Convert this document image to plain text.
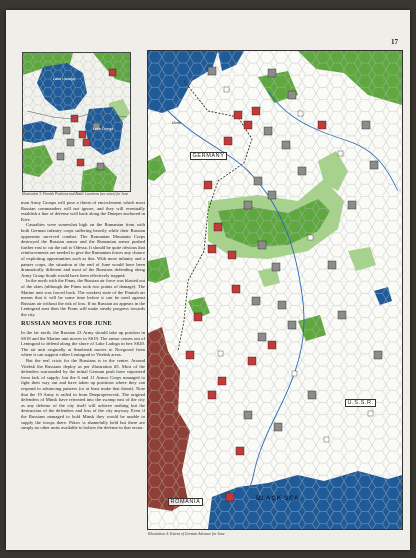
17
Lake Ladoga
Lake Onega
Illustration 3: Finnish Positions and Battle Locations (see notes) for June

man Army Groups will pose a threat of encirclement which most Russian commanders will not ignore, and they will eventually establish a line of defense well back along the Dnieper anchored in Kiev.

Casualties were somewhat high on the Rumanian front with both German infantry corps suffering heavily while their Russian opponents survived combat. The Romanian Mountain Corps destroyed the Russian armor and the Rumanian armor pushed further east to cut the rail to Odessa. It should be quite obvious that reinforcements are needed to give the Rumanian forces any chance of exploiting opportunities such as this. With more infantry and a panzer corps, the situation at the end of June would have been dramatically different and most of the Russians defending along Army Group South would have been effectively trapped.

In the north with the Finns, the Russian air force was blasted out of the skies (although the Finns took two points of damage). The Marine unit was forced back. The weakest state of the Finnish air means that it will be some time before it can be used against Russian air without the risk of loss. If no Russian air appears in the Leningrad area then the Finns will make steady progress towards the city.

RUSSIAN MOVES FOR JUNE

In the far north, the Russian 23 Army should take up position in SS18 and the Marine unit moves to SS19. The armor comes out of Leningrad to defend along the shore of Lake Ladoga in hex SS20. The air unit originally at Smolensk moves to Novgorod from where it can support either Leningrad or Vitebsk areas.

But the real crisis for the Russians is in the center. Around Vitebsk the Russians deploy as per illustration #5. Most of the defenders surrounded by the initial German push have vaporized from lack of supply; but the 6 and 11 Armor Corps managed to fight their way out and have taken up positions where they can respond to advancing panzers (or at least make that threat). Note that the 19 Army is railed in from Dnepropetrovsk. The original defenders of Minsk have retreated into the swamp east of the city as any defense of the city itself will achieve nothing but the destruction of the defenders and loss of the city anyway. Even if the Russians managed to hold Minsk they would be unable to supply the troops there. Pskov is shamefully held but there are simply no other units available to bolster the defense in that sector.

GERMANY
U.S.S.R.
ROMANIA	BLACK SEA
North
Illustration 4: Extent of German Advance for June
